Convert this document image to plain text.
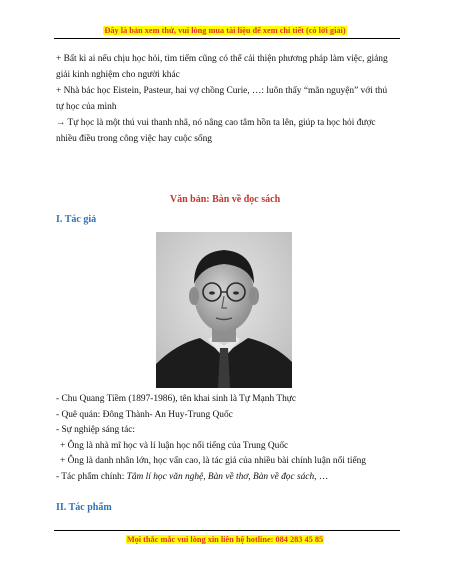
Đây là bản xem thử, vui lòng mua tài liệu để xem chi tiết (có lời giải)

+ Bất kì ai nếu chịu học hỏi, tìm tiếm cũng có thể cải thiện phương pháp làm việc, giảng giải kinh nghiệm cho người khác

+ Nhà bác học Eistein, Pasteur, hai vợ chồng Curie, …: luôn thấy “mãn nguyện” với thú tự học của mình

→ Tự học là một thú vui thanh nhã, nó nâng cao tâm hồn ta lên, giúp ta học hỏi được nhiều điều trong công việc hay cuộc sống

Văn bản: Bàn về đọc sách
I. Tác giả
- Chu Quang Tiềm (1897-1986), tên khai sinh là Tự Mạnh Thực
- Quê quán: Đông Thành- An Huy-Trung Quốc
- Sự nghiệp sáng tác:
+ Ông là nhà mĩ học và lí luận học nổi tiếng của Trung Quốc
+ Ông là danh nhân lớn, học vấn cao, là tác giả của nhiều bài chính luận nổi tiếng
- Tác phẩm chính: Tâm lí học văn nghệ, Bàn về thơ, Bàn về đọc sách, …
II. Tác phẩm
Mọi thắc mắc vui lòng xin liên hệ hotline: 084 283 45 85
